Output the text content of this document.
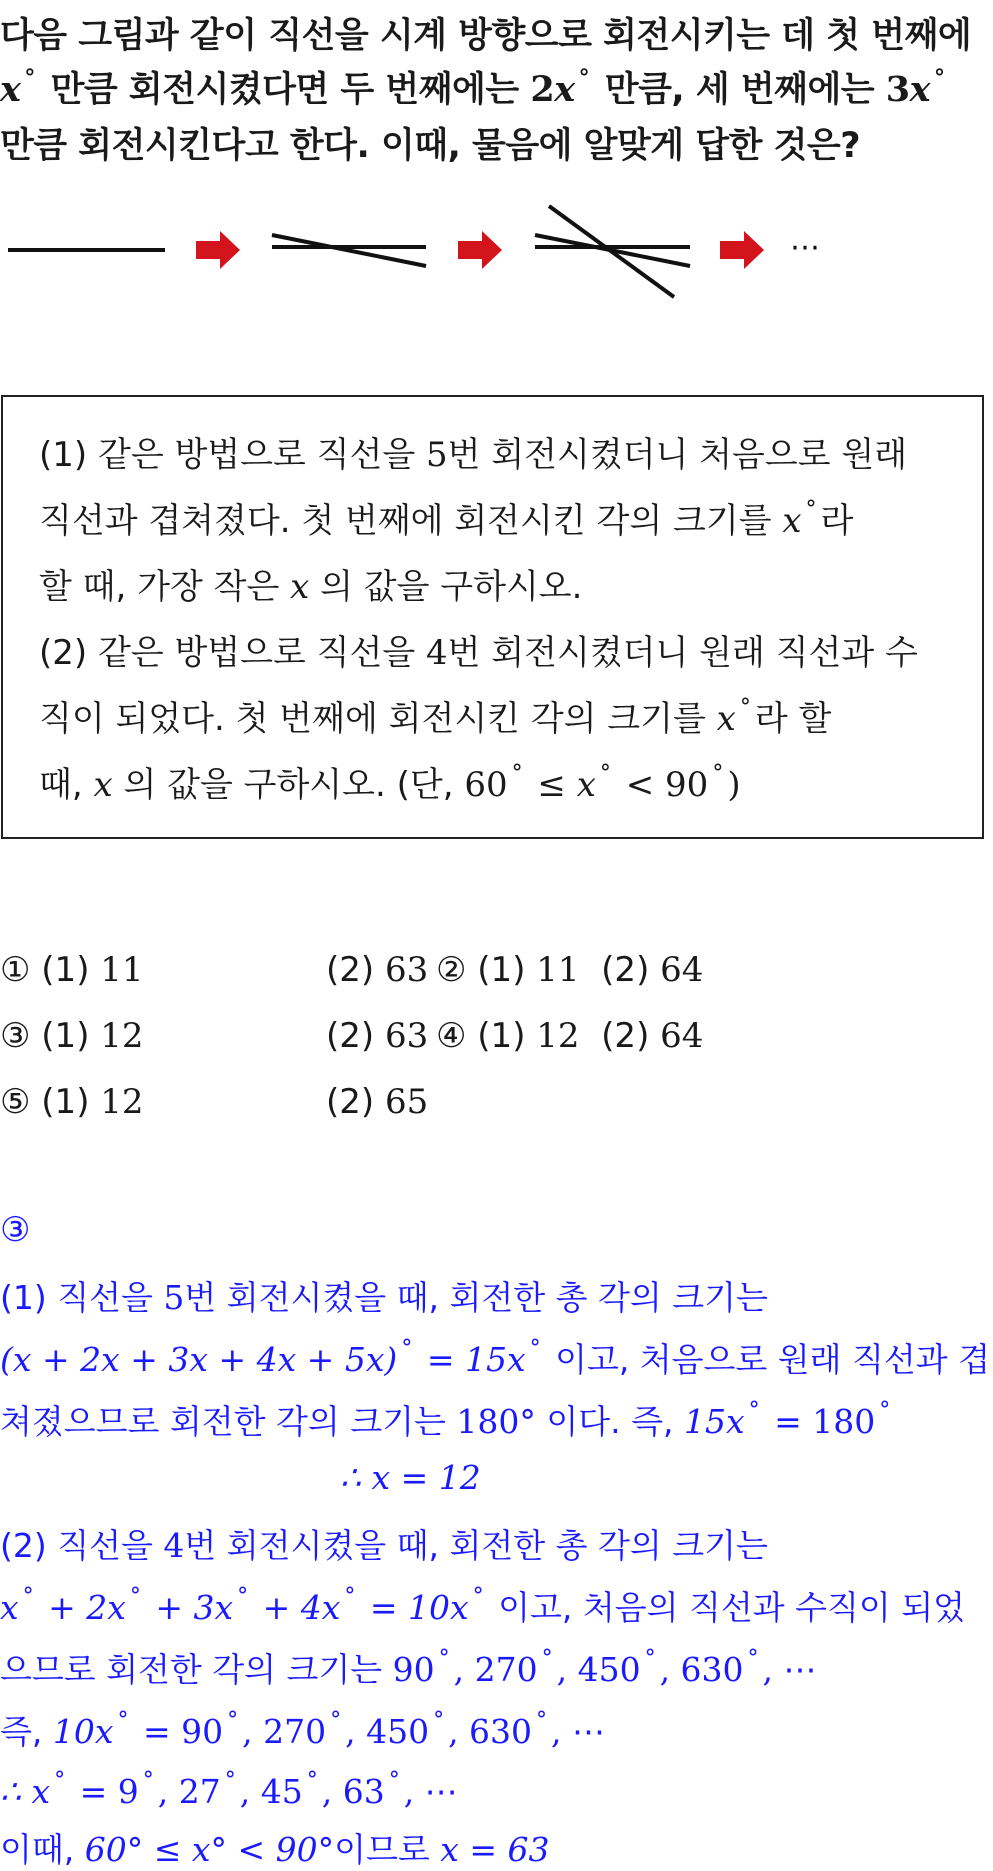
다음 그림과 같이 직선을 시계 방향으로 회전시키는 데 첫 번째에
x ° 만큼 회전시켰다면 두 번째에는 2x ° 만큼, 세 번째에는 3x °
만큼 회전시킨다고 한다. 이때, 물음에 알맞게 답한 것은?
⋯
(1) 같은 방법으로 직선을 5번 회전시켰더니 처음으로 원래
직선과 겹쳐졌다. 첫 번째에 회전시킨 각의 크기를 x ° 라
할 때, 가장 작은 x 의 값을 구하시오.
(2) 같은 방법으로 직선을 4번 회전시켰더니 원래 직선과 수
직이 되었다. 첫 번째에 회전시킨 각의 크기를 x ° 라 할
때, x 의 값을 구하시오. (단, 60 ° ≤ x ° < 90 ° )
① (1) 11	(2) 63 ② (1) 11 (2) 64
③ (1) 12	(2) 63 ④ (1) 12 (2) 64
⑤ (1) 12	(2) 65
③
(1) 직선을 5번 회전시켰을 때, 회전한 총 각의 크기는
(x + 2x + 3x + 4x + 5x) ° = 15x ° 이고, 처음으로 원래 직선과 겹
쳐졌으므로 회전한 각의 크기는 180° 이다. 즉, 15x ° = 180 °
∴ x = 12
(2) 직선을 4번 회전시켰을 때, 회전한 총 각의 크기는
x ° + 2x ° + 3x ° + 4x ° = 10x ° 이고, 처음의 직선과 수직이 되었
으므로 회전한 각의 크기는 90 ° , 270 ° , 450 ° , 630 ° , ⋯
즉, 10x ° = 90 ° , 270 ° , 450 ° , 630 ° , ⋯
∴ x ° = 9 ° , 27 ° , 45 ° , 63 ° , ⋯
이때, 60° ≤ x° < 90°이므로 x = 63
